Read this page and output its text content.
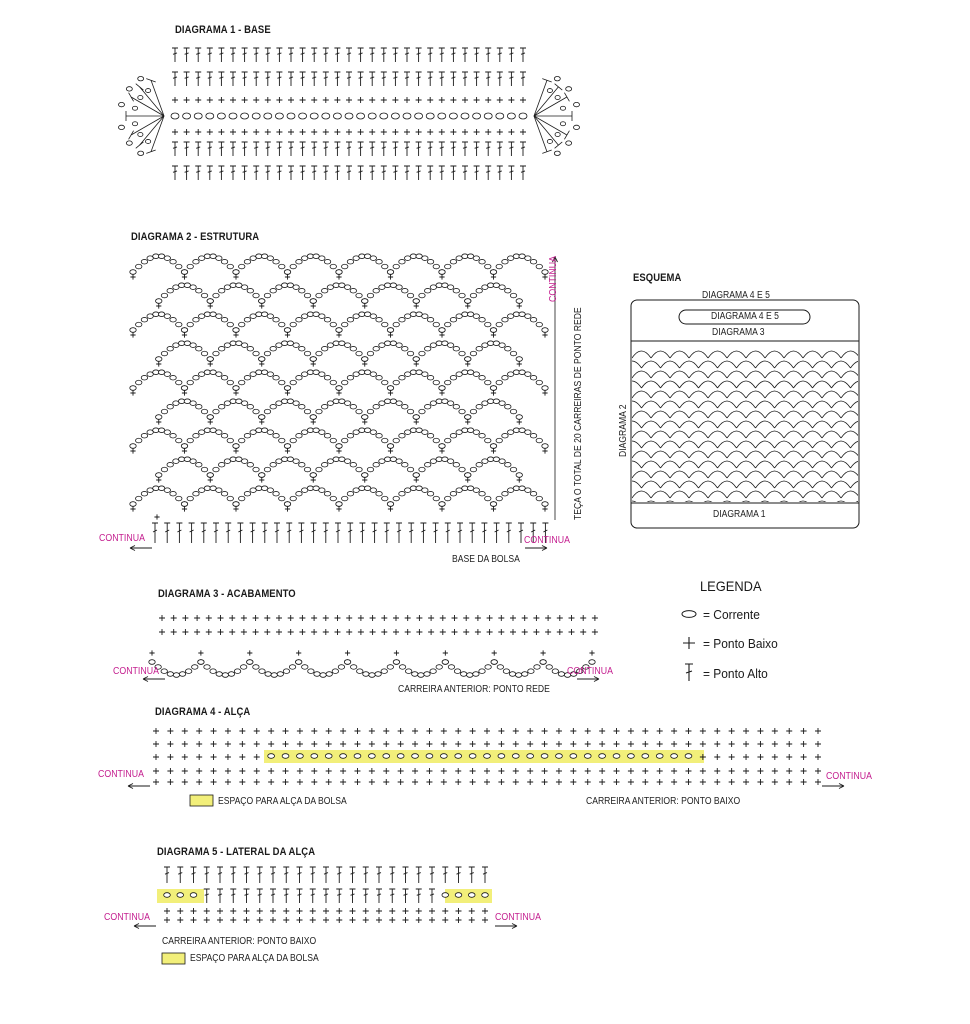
DIAGRAMA 1 - BASE
DIAGRAMA 2 - ESTRUTURA
CONTINUA
TEÇA O TOTAL DE 20 CARREIRAS DE PONTO REDE
CONTINUA	CONTINUA
BASE DA BOLSA
ESQUEMA
DIAGRAMA 4 E 5
DIAGRAMA 4 E 5
DIAGRAMA 3
DIAGRAMA 2
DIAGRAMA 1
DIAGRAMA 3 - ACABAMENTO
CONTINUA	CONTINUA
CARREIRA ANTERIOR: PONTO REDE
LEGENDA
= Corrente
= Ponto Baixo
= Ponto Alto
DIAGRAMA 4 - ALÇA
CONTINUA	CONTINUA
ESPAÇO PARA ALÇA DA BOLSA	CARREIRA ANTERIOR: PONTO BAIXO
DIAGRAMA 5 - LATERAL DA ALÇA
CONTINUA	CONTINUA
CARREIRA ANTERIOR: PONTO BAIXO
ESPAÇO PARA ALÇA DA BOLSA
